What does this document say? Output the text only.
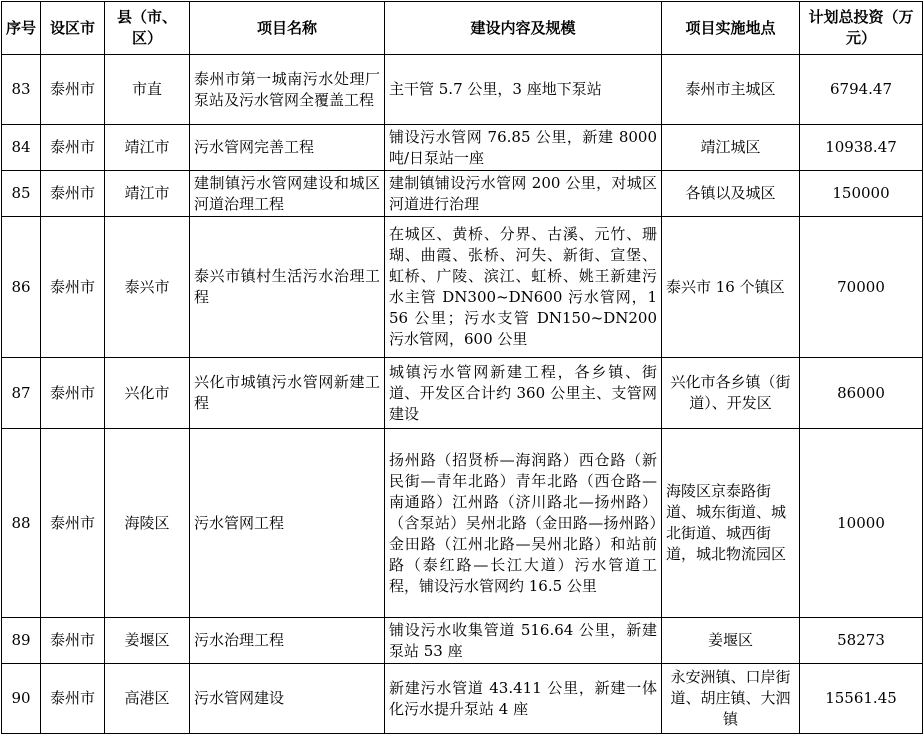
序号	设区市	县（市、区）	项目名称	建设内容及规模	项目实施地点	计划总投资（万元）
83	泰州市	市直	泰州市第一城南污水处理厂泵站及污水管网全覆盖工程	主干管 5.7 公里，3 座地下泵站	泰州市主城区	6794.47
84	泰州市	靖江市	污水管网完善工程	铺设污水管网 76.85 公里，新建 8000 吨/日泵站一座	靖江城区	10938.47
85	泰州市	靖江市	建制镇污水管网建设和城区河道治理工程	建制镇铺设污水管网 200 公里，对城区河道进行治理	各镇以及城区	150000
86	泰州市	泰兴市	泰兴市镇村生活污水治理工程	在城区、黄桥、分界、古溪、元竹、珊瑚、曲霞、张桥、河失、新街、宣堡、虹桥、广陵、滨江、虹桥、姚王新建污水主管 DN300~DN600 污水管网，156 公里；污水支管 DN150~DN200 污水管网，600 公里	泰兴市 16 个镇区	70000
87	泰州市	兴化市	兴化市城镇污水管网新建工程	城镇污水管网新建工程，各乡镇、街道、开发区合计约 360 公里主、支管网建设	兴化市各乡镇（街道）、开发区	86000
88	泰州市	海陵区	污水管网工程	扬州路（招贤桥—海润路）西仓路（新民街—青年北路）青年北路（西仓路—南通路）江州路（济川路北—扬州路）（含泵站）吴州北路（金田路—扬州路）金田路（江州北路—吴州北路）和站前路（泰红路—长江大道）污水管道工程，铺设污水管网约 16.5 公里	海陵区京泰路街道、城东街道、城北街道、城西街道，城北物流园区	10000
89	泰州市	姜堰区	污水治理工程	铺设污水收集管道 516.64 公里，新建泵站 53 座	姜堰区	58273
90	泰州市	高港区	污水管网建设	新建污水管道 43.411 公里，新建一体化污水提升泵站 4 座	永安洲镇、口岸街道、胡庄镇、大泗镇	15561.45
